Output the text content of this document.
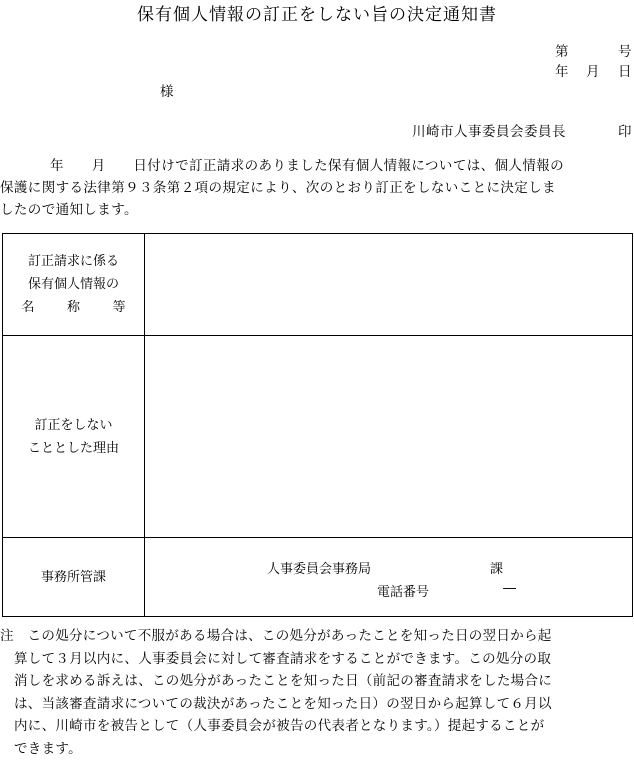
保有個人情報の訂正をしない旨の決定通知書
第	号
年 月 日
様
川崎市人事委員会委員長	印
年　　月　　日付けで訂正請求のありました保有個人情報については、個人情報の
保護に関する法律第９３条第２項の規定により、次のとおり訂正をしないことに決定しま
したので通知します。
訂正請求に係る
保有個人情報の
名 称 等	

訂正をしない
こととした理由	

事務所管課	人事委員会事務局 課
電話番号 ―
注　この処分について不服がある場合は、この処分があったことを知った日の翌日から起
算して３月以内に、人事委員会に対して審査請求をすることができます。この処分の取
消しを求める訴えは、この処分があったことを知った日（前記の審査請求をした場合に
は、当該審査請求についての裁決があったことを知った日）の翌日から起算して６月以
内に、川崎市を被告として（人事委員会が被告の代表者となります。）提起することが
できます。
